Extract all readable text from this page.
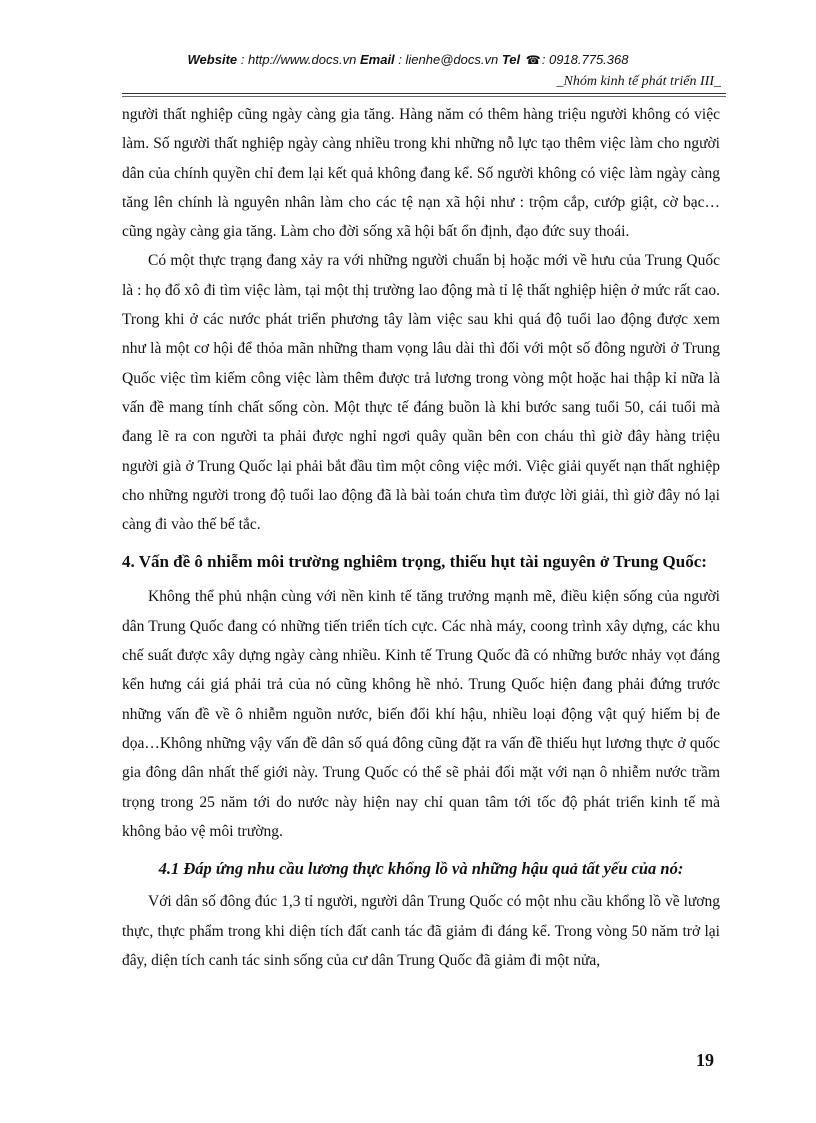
Website : http://www.docs.vn Email : lienhe@docs.vn Tel ☎: 0918.775.368
_Nhóm kinh tế phát triển III_

người thất nghiệp cũng ngày càng gia tăng. Hàng năm có thêm hàng triệu người không có việc làm. Số người thất nghiệp ngày càng nhiều trong khi những nỗ lực tạo thêm việc làm cho người dân của chính quyền chỉ đem lại kết quả không đang kể. Số người không có việc làm ngày càng tăng lên chính là nguyên nhân làm cho các tệ nạn xã hội như : trộm cắp, cướp giật, cờ bạc…cũng ngày càng gia tăng. Làm cho đời sống xã hội bất ổn định, đạo đức suy thoái.

Có một thực trạng đang xảy ra với những người chuẩn bị hoặc mới về hưu của Trung Quốc là : họ đổ xô đi tìm việc làm, tại một thị trường lao động mà tỉ lệ thất nghiệp hiện ở mức rất cao. Trong khi ở các nước phát triển phương tây làm việc sau khi quá độ tuổi lao động được xem như là một cơ hội để thỏa mãn những tham vọng lâu dài thì đối với một số đông người ở Trung Quốc việc tìm kiếm công việc làm thêm được trả lương trong vòng một hoặc hai thập kỉ nữa là vấn đề mang tính chất sống còn. Một thực tế đáng buồn là khi bước sang tuổi 50, cái tuổi mà đang lẽ ra con người ta phải được nghỉ ngơi quây quần bên con cháu thì giờ đây hàng triệu người già ở Trung Quốc lại phải bắt đầu tìm một công việc mới. Việc giải quyết nạn thất nghiệp cho những người trong độ tuổi lao động đã là bài toán chưa tìm được lời giải, thì giờ đây nó lại càng đi vào thế bế tắc.

4. Vấn đề ô nhiễm môi trường nghiêm trọng, thiếu hụt tài nguyên ở Trung Quốc:

Không thể phủ nhận cùng với nền kinh tế tăng trưởng mạnh mẽ, điều kiện sống của người dân Trung Quốc đang có những tiến triển tích cực. Các nhà máy, coong trình xây dựng, các khu chế suất được xây dựng ngày càng nhiều. Kinh tế Trung Quốc đã có những bước nhảy vọt đáng kển hưng cái giá phải trả của nó cũng không hề nhỏ. Trung Quốc hiện đang phải đứng trước những vấn đề về ô nhiễm nguồn nước, biến đổi khí hậu, nhiều loại động vật quý hiếm bị đe dọa…Không những vậy vấn đề dân số quá đông cũng đặt ra vấn đề thiếu hụt lương thực ở quốc gia đông dân nhất thế giới này. Trung Quốc có thể sẽ phải đối mặt với nạn ô nhiễm nước trầm trọng trong 25 năm tới do nước này hiện nay chỉ quan tâm tới tốc độ phát triển kinh tế mà không bảo vệ môi trường.

4.1 Đáp ứng nhu cầu lương thực khổng lồ và những hậu quả tất yếu của nó:

Với dân số đông đúc 1,3 tỉ người, người dân Trung Quốc có một nhu cầu khổng lồ về lương thực, thực phẩm trong khi diện tích đất canh tác đã giảm đi đáng kể. Trong vòng 50 năm trở lại đây, diện tích canh tác sinh sống của cư dân Trung Quốc đã giảm đi một nửa,

19
